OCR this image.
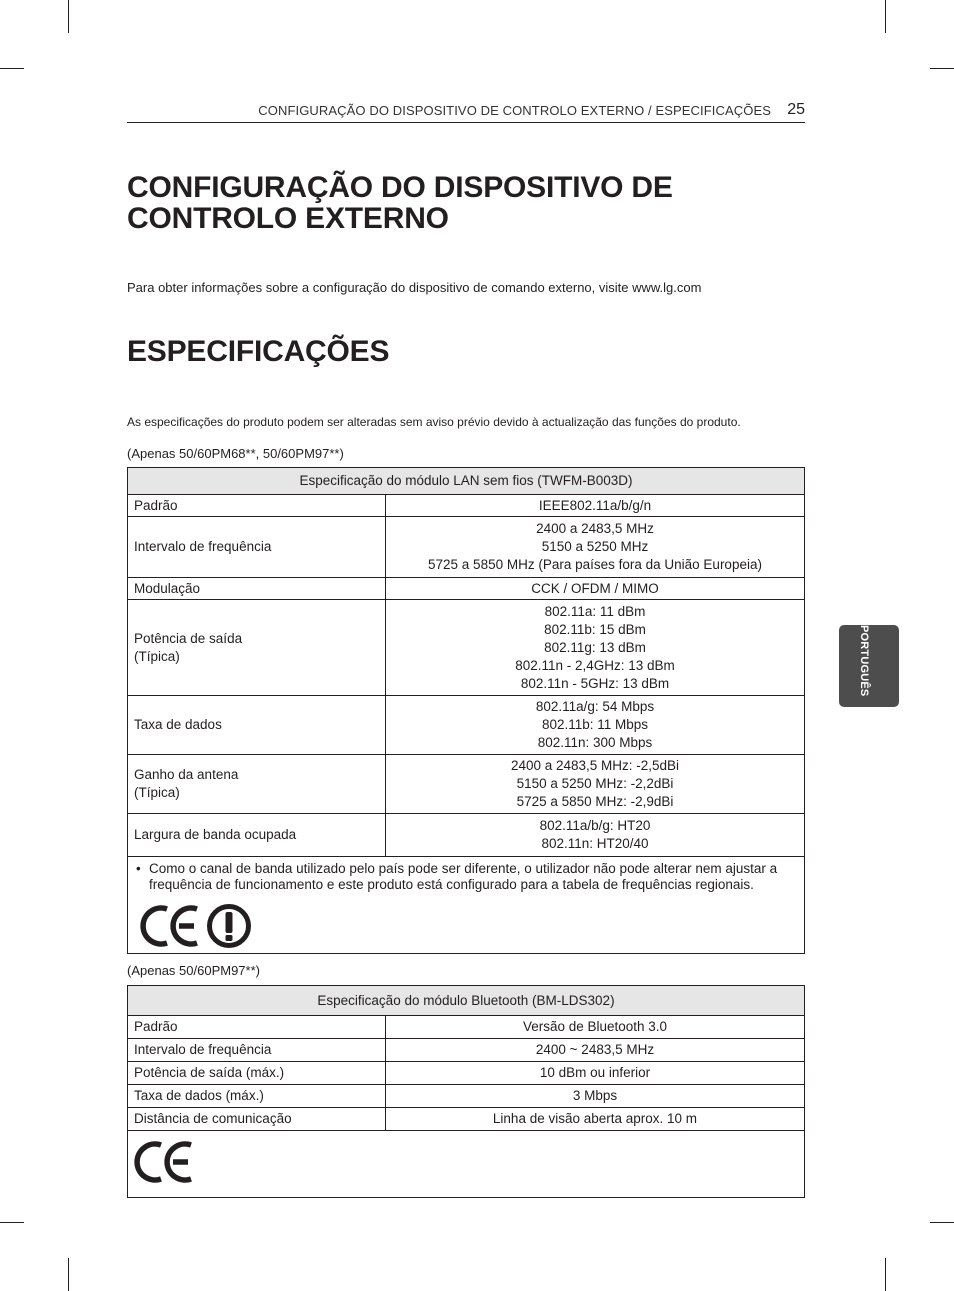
CONFIGURAÇÃO DO DISPOSITIVO DE CONTROLO EXTERNO / ESPECIFICAÇÕES 25
CONFIGURAÇÃO DO DISPOSITIVO DE
CONTROLO EXTERNO

Para obter informações sobre a configuração do dispositivo de comando externo, visite www.lg.com

ESPECIFICAÇÕES

As especificações do produto podem ser alteradas sem aviso prévio devido à actualização das funções do produto.

(Apenas 50/60PM68**, 50/60PM97**)

Especificação do módulo LAN sem fios (TWFM-B003D)	

Padrão	IEEE802.11a/b/g/n

Intervalo de frequência	2400 a 2483,5 MHz
5150 a 5250 MHz
5725 a 5850 MHz (Para países fora da União Europeia)

Modulação	CCK / OFDM / MIMO

Potência de saída
(Típica)	802.11a: 11 dBm
802.11b: 15 dBm
802.11g: 13 dBm
802.11n - 2,4GHz: 13 dBm
802.11n - 5GHz: 13 dBm

Taxa de dados	802.11a/g: 54 Mbps
802.11b: 11 Mbps
802.11n: 300 Mbps

Ganho da antena
(Típica)	2400 a 2483,5 MHz: -2,5dBi
5150 a 5250 MHz: -2,2dBi
5725 a 5850 MHz: -2,9dBi

Largura de banda ocupada	802.11a/b/g: HT20
802.11n: HT20/40

• Como o canal de banda utilizado pelo país pode ser diferente, o utilizador não pode alterar nem ajustar a frequência de funcionamento e este produto está configurado para a tabela de frequências regionais.	

(Apenas 50/60PM97**)

Especificação do módulo Bluetooth (BM-LDS302)	
Padrão	Versão de Bluetooth 3.0
Intervalo de frequência	2400 ~ 2483,5 MHz
Potência de saída (máx.)	10 dBm ou inferior
Taxa de dados (máx.)	3 Mbps
Distância de comunicação	Linha de visão aberta aprox. 10 m

PORTUGUÊS
